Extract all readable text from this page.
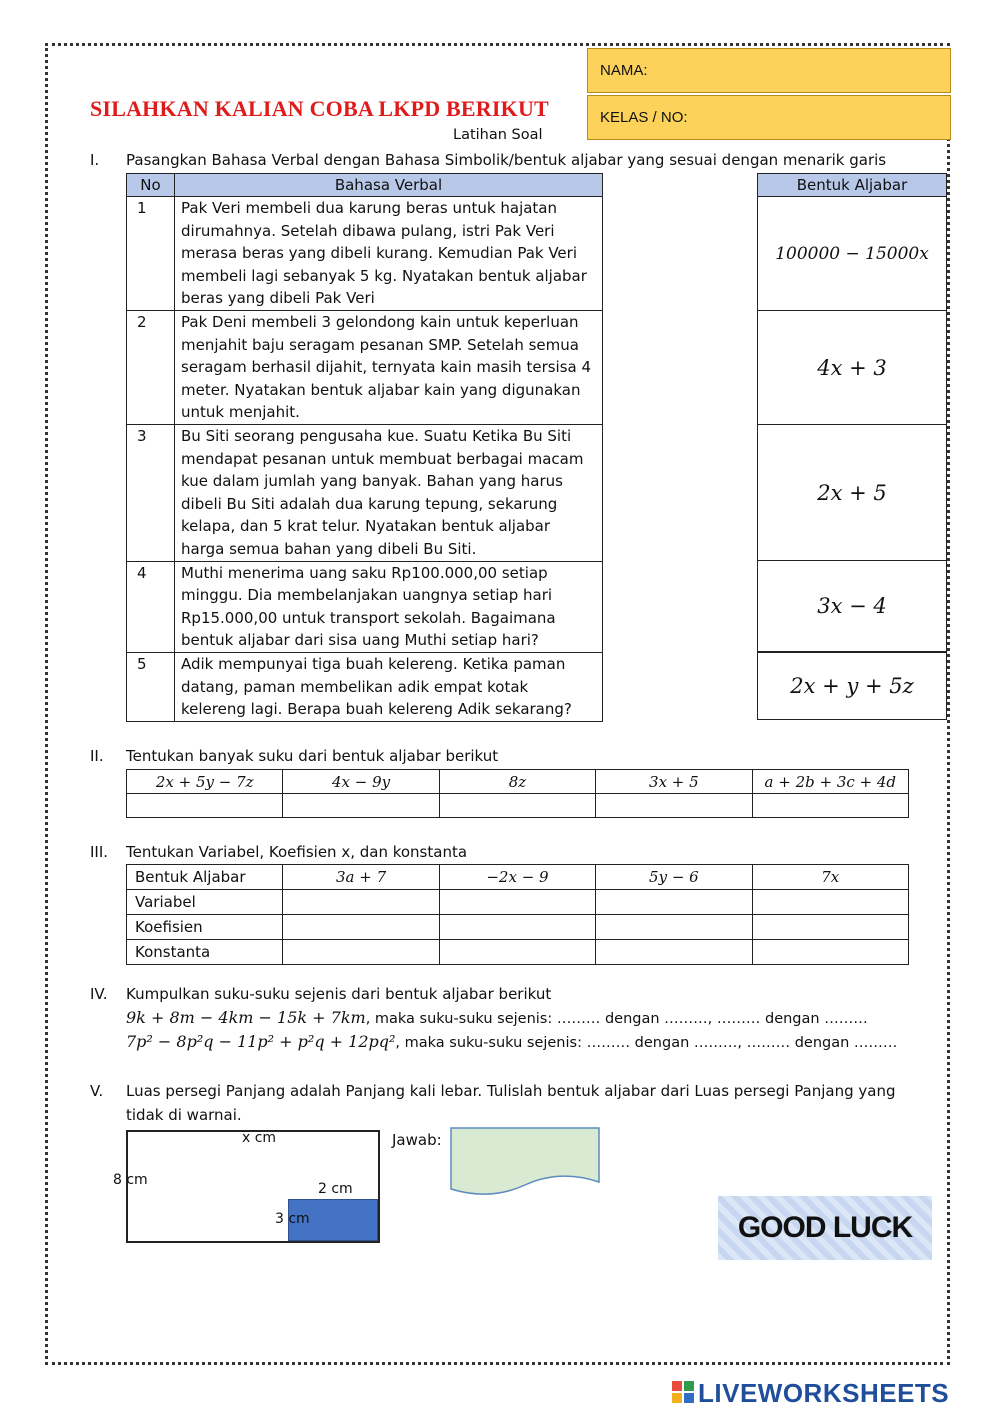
NAMA:
KELAS / NO:
SILAHKAN KALIAN COBA LKPD BERIKUT
Latihan Soal
I. Pasangkan Bahasa Verbal dengan Bahasa Simbolik/bentuk aljabar yang sesuai dengan menarik garis
No	Bahasa Verbal
1	Pak Veri membeli dua karung beras untuk hajatan dirumahnya. Setelah dibawa pulang, istri Pak Veri merasa beras yang dibeli kurang. Kemudian Pak Veri membeli lagi sebanyak 5 kg. Nyatakan bentuk aljabar beras yang dibeli Pak Veri
2	Pak Deni membeli 3 gelondong kain untuk keperluan menjahit baju seragam pesanan SMP. Setelah semua seragam berhasil dijahit, ternyata kain masih tersisa 4 meter. Nyatakan bentuk aljabar kain yang digunakan untuk menjahit.
3	Bu Siti seorang pengusaha kue. Suatu Ketika Bu Siti mendapat pesanan untuk membuat berbagai macam kue dalam jumlah yang banyak. Bahan yang harus dibeli Bu Siti adalah dua karung tepung, sekarung kelapa, dan 5 krat telur. Nyatakan bentuk aljabar harga semua bahan yang dibeli Bu Siti.
4	Muthi menerima uang saku Rp100.000,00 setiap minggu. Dia membelanjakan uangnya setiap hari Rp15.000,00 untuk transport sekolah. Bagaimana bentuk aljabar dari sisa uang Muthi setiap hari?
5	Adik mempunyai tiga buah kelereng. Ketika paman datang, paman membelikan adik empat kotak kelereng lagi. Berapa buah kelereng Adik sekarang?
Bentuk Aljabar
100000 − 15000x
4x + 3
2x + 5
3x − 4
2x + y + 5z
II. Tentukan banyak suku dari bentuk aljabar berikut
2x + 5y − 7z	4x − 9y	8z	3x + 5	a + 2b + 3c + 4d

III. Tentukan Variabel, Koefisien x, dan konstanta
Bentuk Aljabar	3a + 7	−2x − 9	5y − 6	7x
Variabel				
Koefisien				
Konstanta				
IV. Kumpulkan suku-suku sejenis dari bentuk aljabar berikut
9k + 8m − 4km − 15k + 7km, maka suku-suku sejenis: ……… dengan ………, ……… dengan ………
7p² − 8p²q − 11p² + p²q + 12pq², maka suku-suku sejenis: ……… dengan ………, ……… dengan ………
V. Luas persegi Panjang adalah Panjang kali lebar. Tulislah bentuk aljabar dari Luas persegi Panjang yang
tidak di warnai.
x cm
8 cm
2 cm
3 cm
Jawab:
GOOD LUCK
LIVEWORKSHEETS
